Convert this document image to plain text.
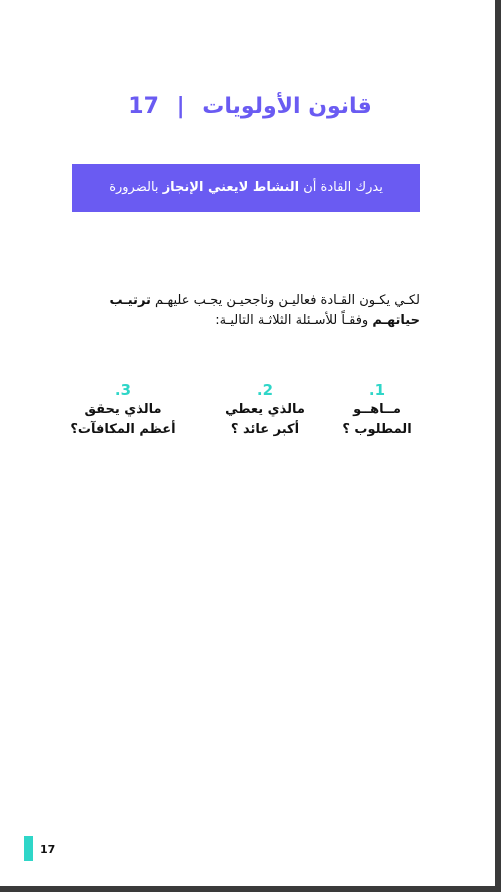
قانون الأولويات | 17
يدرك القادة أن النشاط لايعني الإنجاز بالضرورة
لكـي يكـون القـادة فعاليـن وناجحيـن يجـب عليهـم ترتيـب حياتهـم وفقـاً للأسـئلة الثلاثـة التاليـة:
1.
مــاهــو
المطلوب ؟
2.
مالذي يعطي
أكبر عائد ؟
3.
مالذي يحقق
أعظم المكافآت؟
17
